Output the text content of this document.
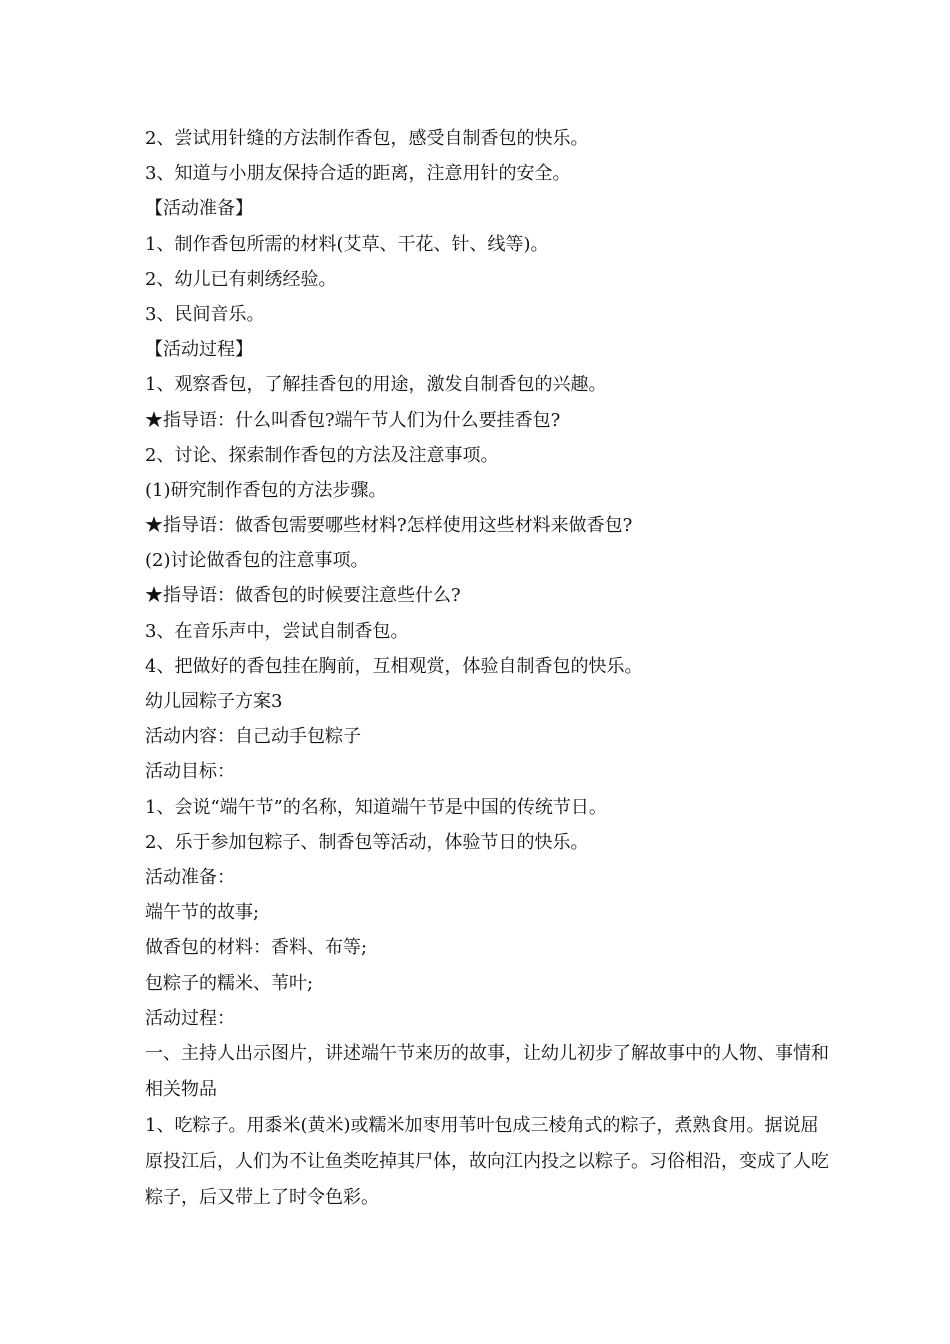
2、尝试用针缝的方法制作香包，感受自制香包的快乐。
3、知道与小朋友保持合适的距离，注意用针的安全。
【活动准备】
1、制作香包所需的材料(艾草、干花、针、线等)。
2、幼儿已有刺绣经验。
3、民间音乐。
【活动过程】
1、观察香包，了解挂香包的用途，激发自制香包的兴趣。
★指导语：什么叫香包?端午节人们为什么要挂香包?
2、讨论、探索制作香包的方法及注意事项。
(1)研究制作香包的方法步骤。
★指导语：做香包需要哪些材料?怎样使用这些材料来做香包?
(2)讨论做香包的注意事项。
★指导语：做香包的时候要注意些什么?
3、在音乐声中，尝试自制香包。
4、把做好的香包挂在胸前，互相观赏，体验自制香包的快乐。
幼儿园粽子方案3
活动内容：自己动手包粽子
活动目标：
1、会说“端午节”的名称，知道端午节是中国的传统节日。
2、乐于参加包粽子、制香包等活动，体验节日的快乐。
活动准备：
端午节的故事;
做香包的材料：香料、布等;
包粽子的糯米、苇叶;
活动过程：
一、主持人出示图片，讲述端午节来历的故事，让幼儿初步了解故事中的人物、事情和相关物品
1、吃粽子。用黍米(黄米)或糯米加枣用苇叶包成三棱角式的粽子，煮熟食用。据说屈原投江后，人们为不让鱼类吃掉其尸体，故向江内投之以粽子。习俗相沿，变成了人吃粽子，后又带上了时令色彩。
